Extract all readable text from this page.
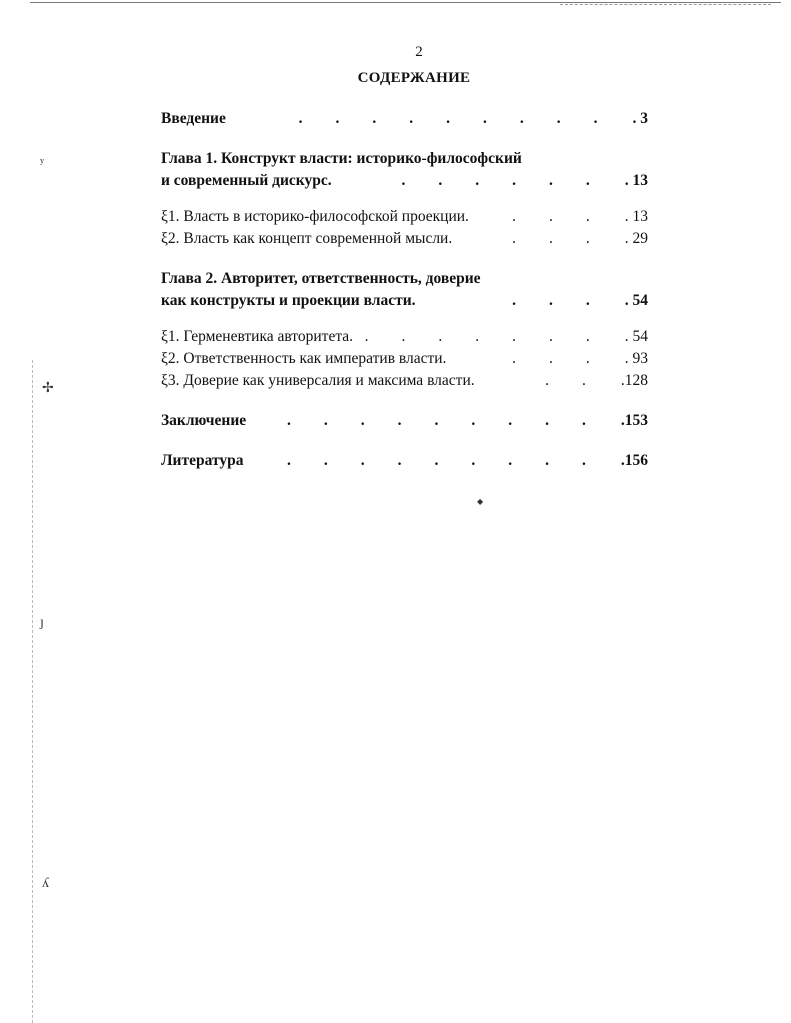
ʸ
✢
ȷ
ʎ
◆
2
СОДЕРЖАНИЕ
Введение	......... . 3
Глава 1. Конструкт власти: историко-философский
и современный дискурс.	...... . 13
ξ1. Власть в историко-философской проекции.	... . 13
ξ2. Власть как концепт современной мысли.	... . 29
Глава 2. Авторитет, ответственность, доверие
как конструкты и проекции власти.	... . 54
ξ1. Герменевтика авторитета. ....... . 54
ξ2. Ответственность как императив власти.	... . 93
ξ3. Доверие как универсалия и максима власти.	.. .128
Заключение	......... .153
Литература	......... .156
